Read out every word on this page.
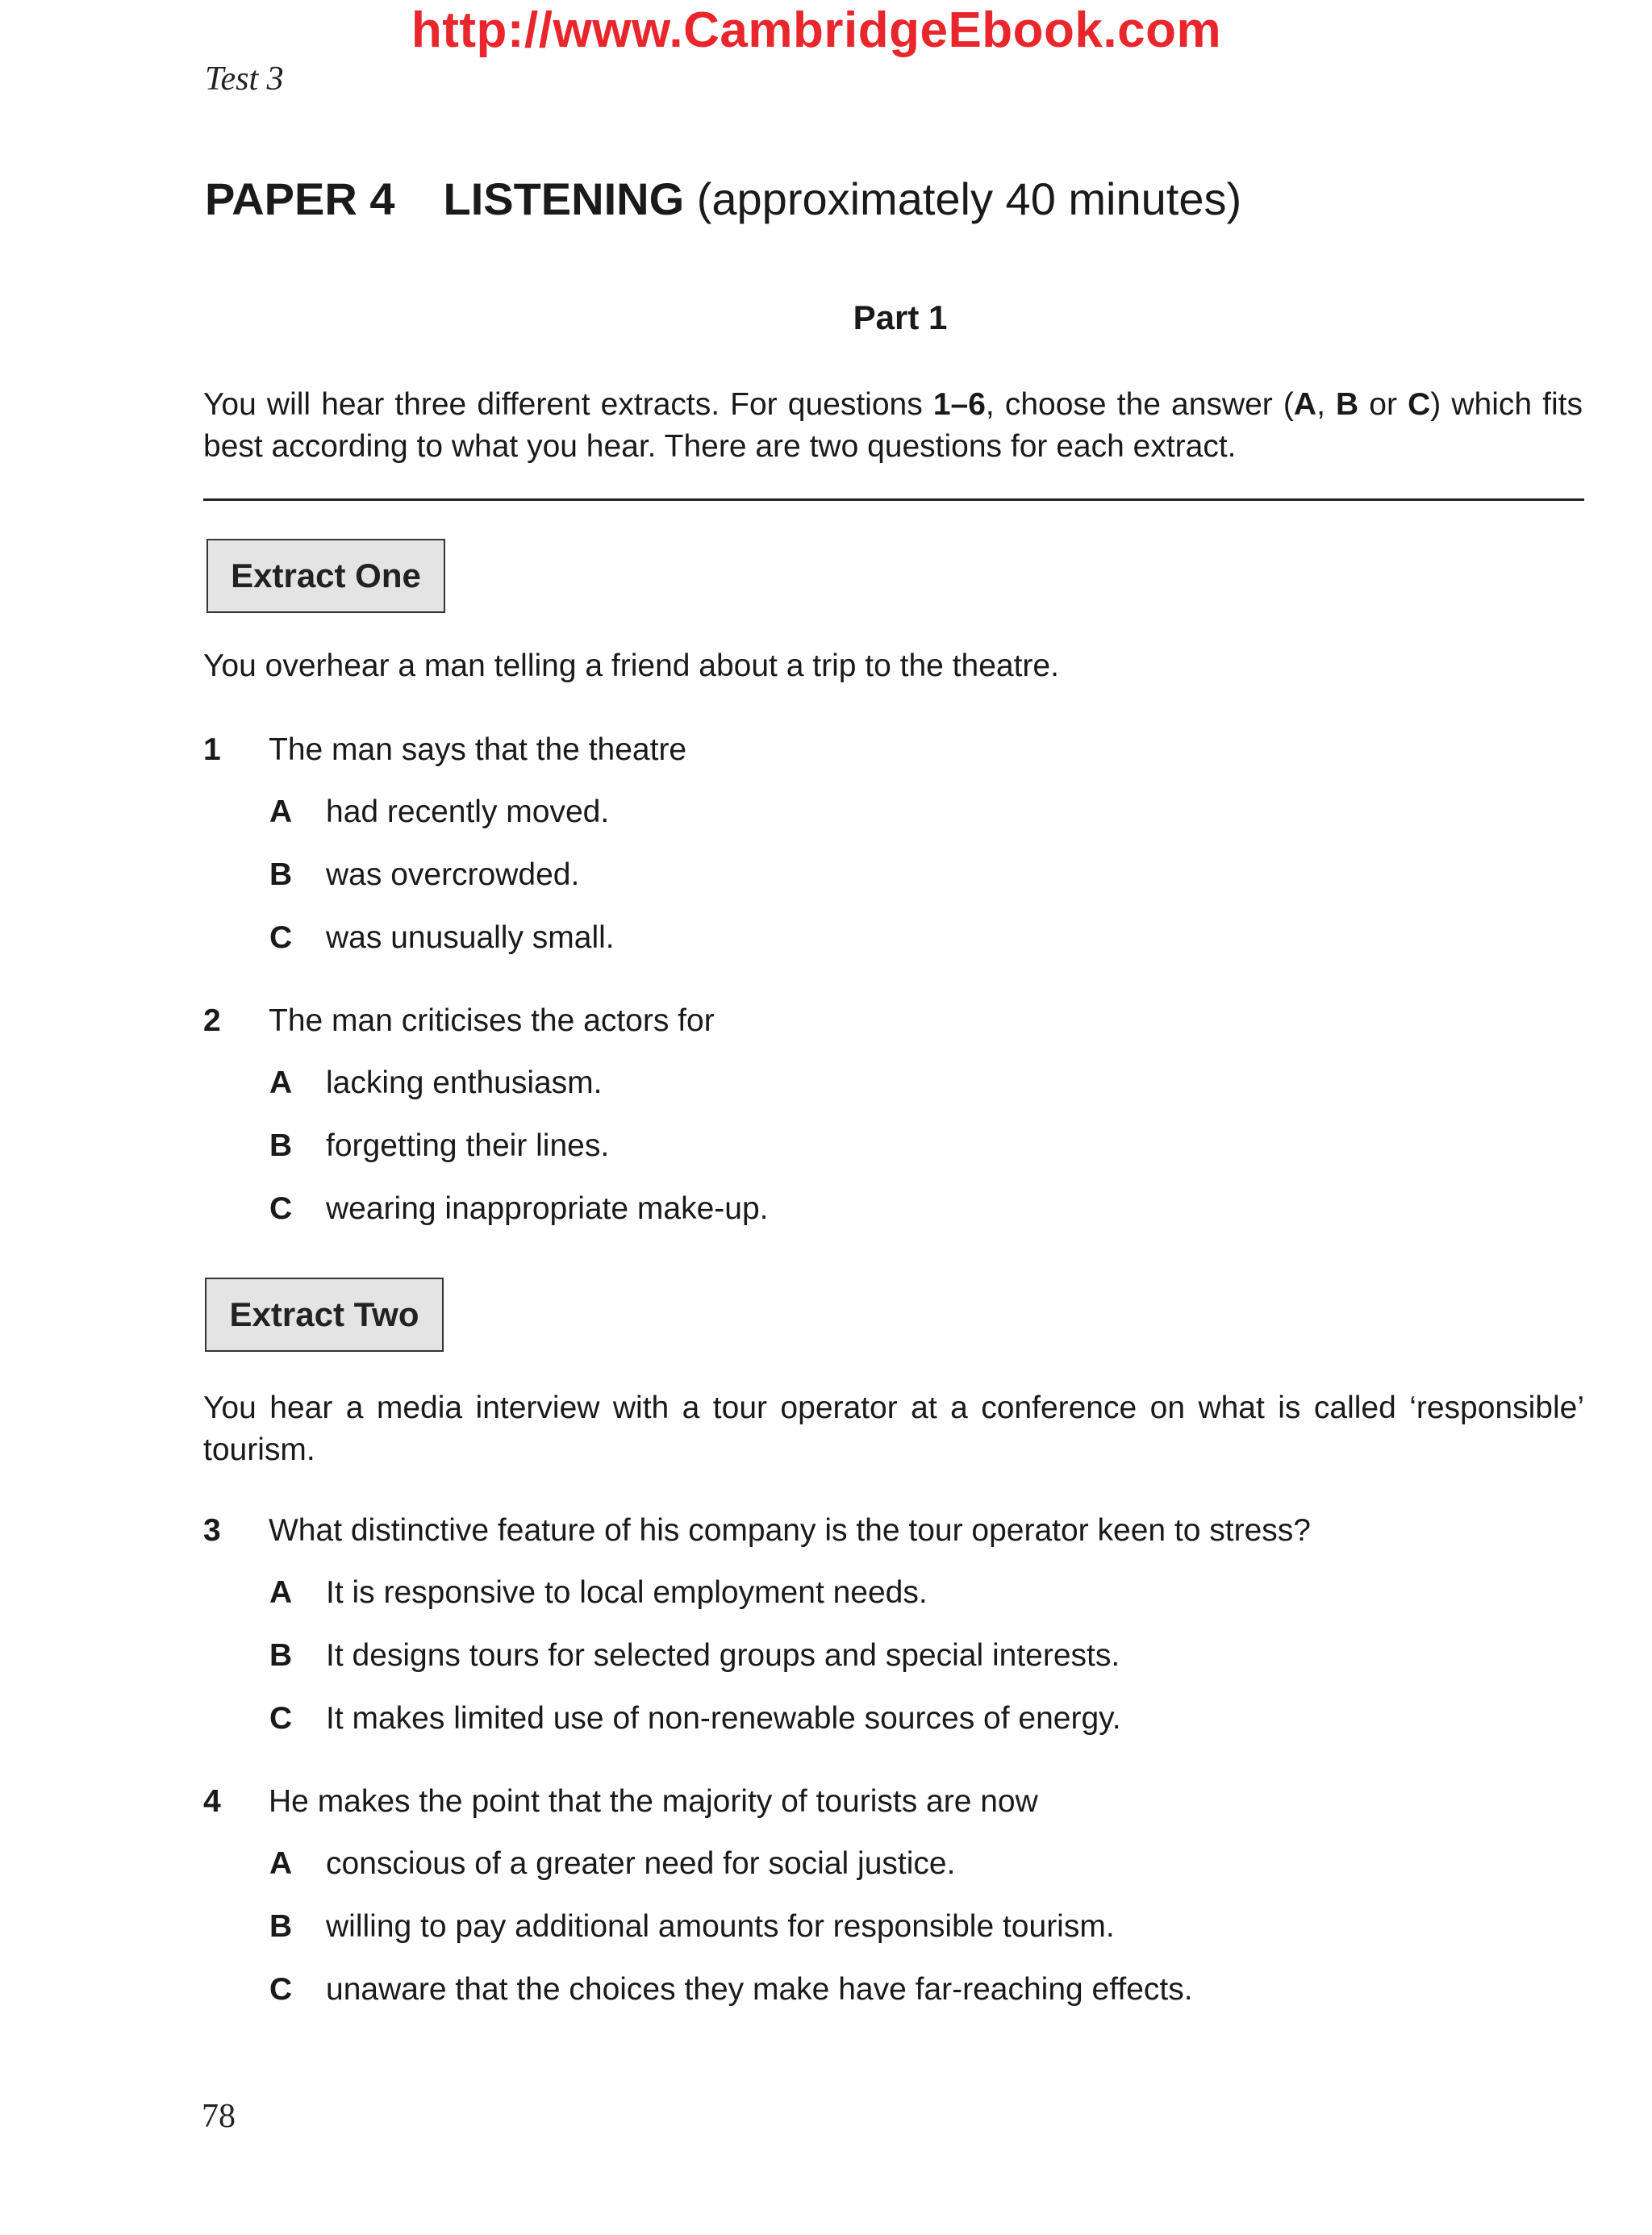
http://www.CambridgeEbook.com
Test 3
PAPER 4 LISTENING (approximately 40 minutes)
Part 1
You will hear three different extracts. For questions 1–6, choose the answer (A, B or C) which fits best according to what you hear. There are two questions for each extract.
Extract One
You overhear a man telling a friend about a trip to the theatre.
1 The man says that the theatre
A had recently moved.
B was overcrowded.
C was unusually small.
2 The man criticises the actors for
A lacking enthusiasm.
B forgetting their lines.
C wearing inappropriate make-up.
Extract Two
You hear a media interview with a tour operator at a conference on what is called ‘responsible’ tourism.
3 What distinctive feature of his company is the tour operator keen to stress?
A It is responsive to local employment needs.
B It designs tours for selected groups and special interests.
C It makes limited use of non-renewable sources of energy.
4 He makes the point that the majority of tourists are now
A conscious of a greater need for social justice.
B willing to pay additional amounts for responsible tourism.
C unaware that the choices they make have far-reaching effects.
78
